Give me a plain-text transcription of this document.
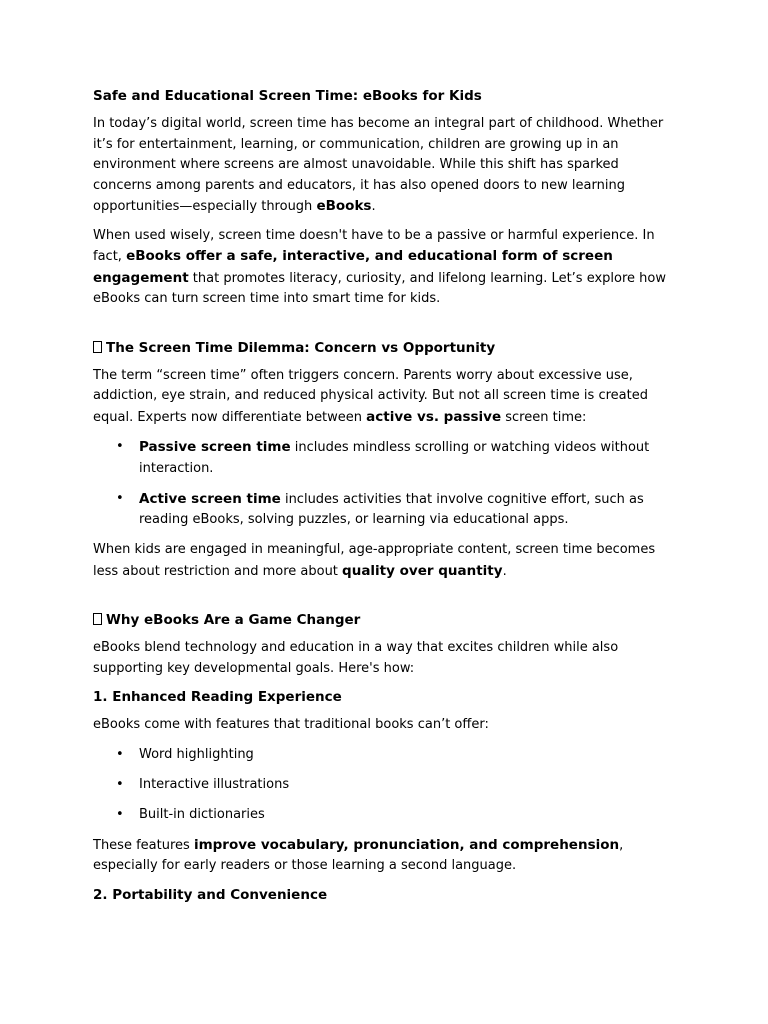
Safe and Educational Screen Time: eBooks for Kids

In today’s digital world, screen time has become an integral part of childhood. Whether it’s for entertainment, learning, or communication, children are growing up in an environment where screens are almost unavoidable. While this shift has sparked concerns among parents and educators, it has also opened doors to new learning opportunities—especially through eBooks.

When used wisely, screen time doesn't have to be a passive or harmful experience. In fact, eBooks offer a safe, interactive, and educational form of screen engagement that promotes literacy, curiosity, and lifelong learning. Let’s explore how eBooks can turn screen time into smart time for kids.

The Screen Time Dilemma: Concern vs Opportunity

The term “screen time” often triggers concern. Parents worry about excessive use, addiction, eye strain, and reduced physical activity. But not all screen time is created equal. Experts now differentiate between active vs. passive screen time:

• Passive screen time includes mindless scrolling or watching videos without interaction.
• Active screen time includes activities that involve cognitive effort, such as reading eBooks, solving puzzles, or learning via educational apps.

When kids are engaged in meaningful, age-appropriate content, screen time becomes less about restriction and more about quality over quantity.

Why eBooks Are a Game Changer

eBooks blend technology and education in a way that excites children while also supporting key developmental goals. Here's how:

1. Enhanced Reading Experience

eBooks come with features that traditional books can’t offer:

• Word highlighting
• Interactive illustrations
• Built-in dictionaries

These features improve vocabulary, pronunciation, and comprehension, especially for early readers or those learning a second language.

2. Portability and Convenience
